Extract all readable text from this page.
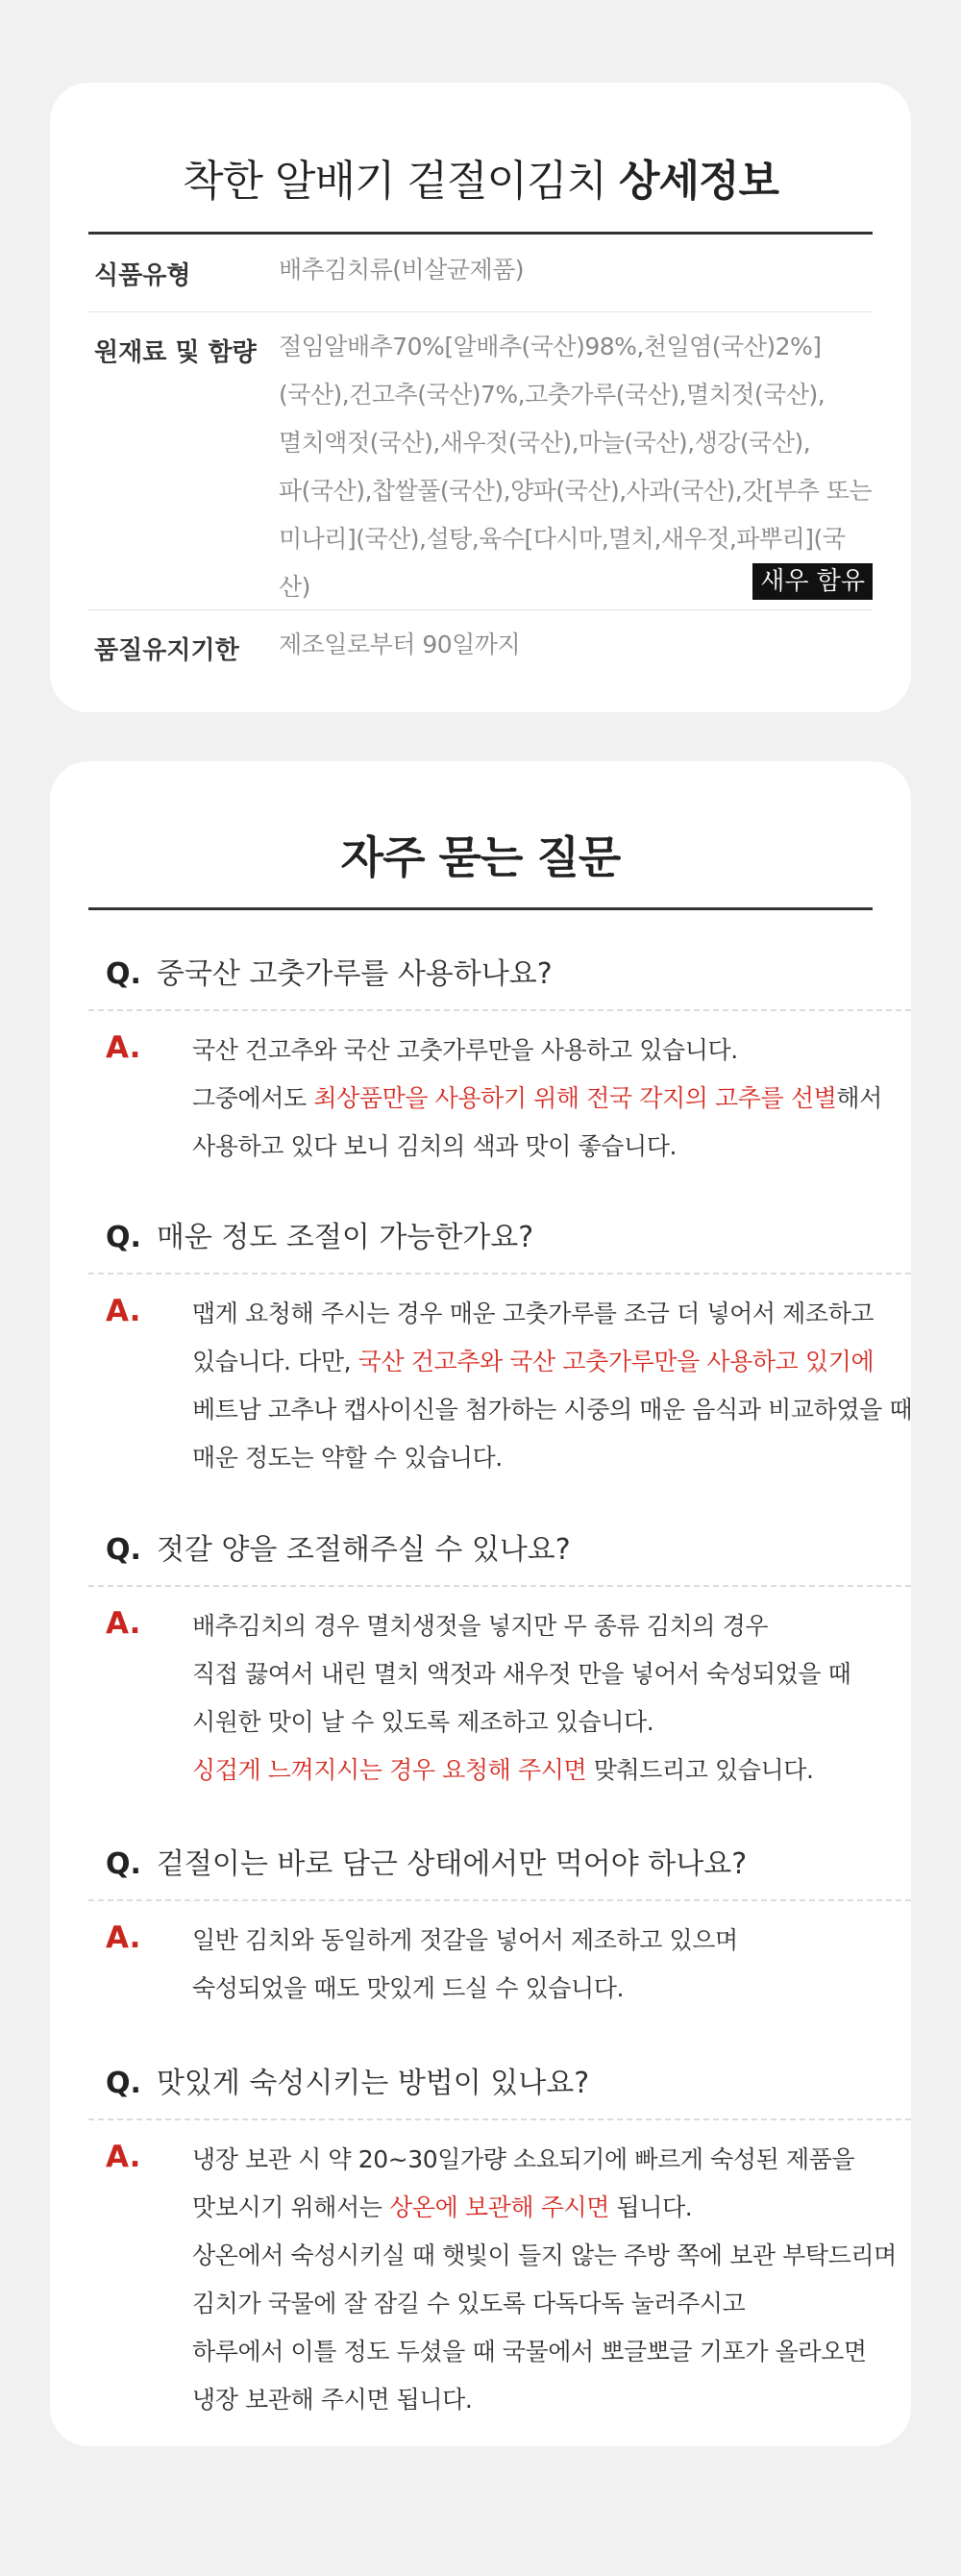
착한 알배기 겉절이김치 상세정보
식품유형	배추김치류(비살균제품)
원재료 및 함량 절임알배추70%[알배추(국산)98%,천일염(국산)2%]
(국산),건고추(국산)7%,고춧가루(국산),멸치젓(국산),
멸치액젓(국산),새우젓(국산),마늘(국산),생강(국산),
파(국산),찹쌀풀(국산),양파(국산),사과(국산),갓[부추 또는
미나리](국산),설탕,육수[다시마,멸치,새우젓,파뿌리](국산)	새우 함유
품질유지기한 제조일로부터 90일까지
자주 묻는 질문
Q. 중국산 고춧가루를 사용하나요?
A. 국산 건고추와 국산 고춧가루만을 사용하고 있습니다.
그중에서도 최상품만을 사용하기 위해 전국 각지의 고추를 선별해서
사용하고 있다 보니 김치의 색과 맛이 좋습니다.
Q. 매운 정도 조절이 가능한가요?
A. 맵게 요청해 주시는 경우 매운 고춧가루를 조금 더 넣어서 제조하고
있습니다. 다만, 국산 건고추와 국산 고춧가루만을 사용하고 있기에
베트남 고추나 캡사이신을 첨가하는 시중의 매운 음식과 비교하였을 때
매운 정도는 약할 수 있습니다.
Q. 젓갈 양을 조절해주실 수 있나요?
A. 배추김치의 경우 멸치생젓을 넣지만 무 종류 김치의 경우
직접 끓여서 내린 멸치 액젓과 새우젓 만을 넣어서 숙성되었을 때
시원한 맛이 날 수 있도록 제조하고 있습니다.
싱겁게 느껴지시는 경우 요청해 주시면 맞춰드리고 있습니다.
Q. 겉절이는 바로 담근 상태에서만 먹어야 하나요?
A. 일반 김치와 동일하게 젓갈을 넣어서 제조하고 있으며
숙성되었을 때도 맛있게 드실 수 있습니다.
Q. 맛있게 숙성시키는 방법이 있나요?
A. 냉장 보관 시 약 20~30일가량 소요되기에 빠르게 숙성된 제품을
맛보시기 위해서는 상온에 보관해 주시면 됩니다.
상온에서 숙성시키실 때 햇빛이 들지 않는 주방 쪽에 보관 부탁드리며
김치가 국물에 잘 잠길 수 있도록 다독다독 눌러주시고
하루에서 이틀 정도 두셨을 때 국물에서 뽀글뽀글 기포가 올라오면
냉장 보관해 주시면 됩니다.
